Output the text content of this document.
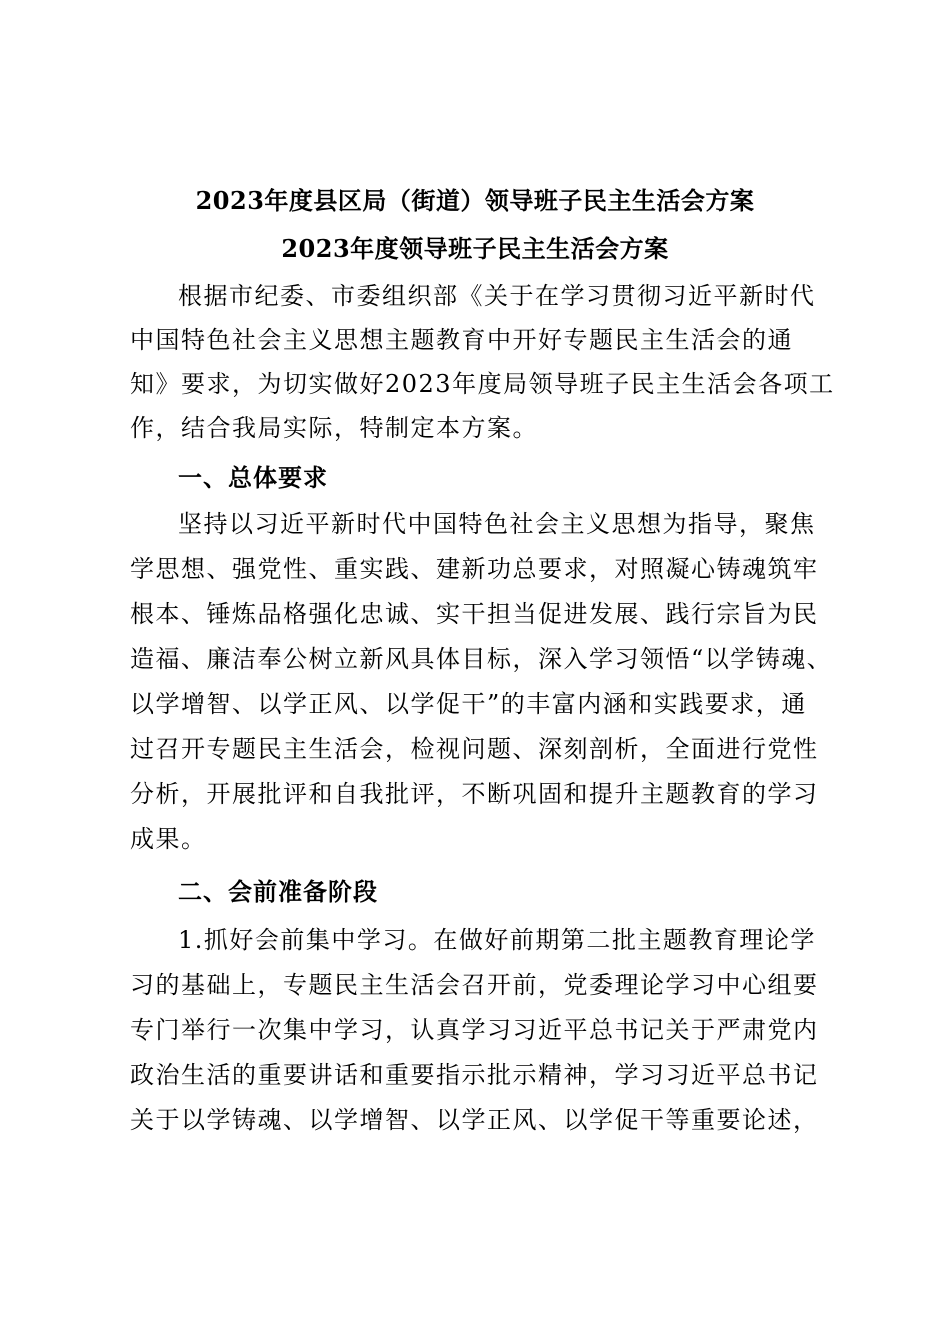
2023年度县区局（街道）领导班子民主生活会方案
2023年度领导班子民主生活会方案
根据市纪委、市委组织部《关于在学习贯彻习近平新时代
中国特色社会主义思想主题教育中开好专题民主生活会的通
知》要求，为切实做好2023年度局领导班子民主生活会各项工
作，结合我局实际，特制定本方案。
一、总体要求
坚持以习近平新时代中国特色社会主义思想为指导，聚焦
学思想、强党性、重实践、建新功总要求，对照凝心铸魂筑牢
根本、锤炼品格强化忠诚、实干担当促进发展、践行宗旨为民
造福、廉洁奉公树立新风具体目标，深入学习领悟“以学铸魂、
以学增智、以学正风、以学促干”的丰富内涵和实践要求，通
过召开专题民主生活会，检视问题、深刻剖析，全面进行党性
分析，开展批评和自我批评，不断巩固和提升主题教育的学习
成果。
二、会前准备阶段
1.抓好会前集中学习。在做好前期第二批主题教育理论学
习的基础上，专题民主生活会召开前，党委理论学习中心组要
专门举行一次集中学习，认真学习习近平总书记关于严肃党内
政治生活的重要讲话和重要指示批示精神，学习习近平总书记
关于以学铸魂、以学增智、以学正风、以学促干等重要论述，
